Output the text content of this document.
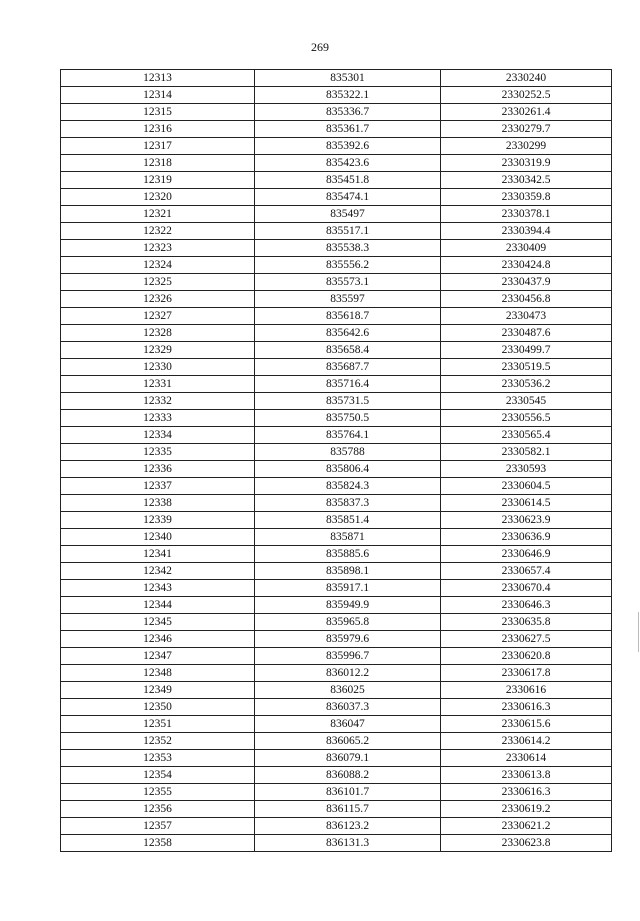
269
12313	835301	2330240
12314	835322.1	2330252.5
12315	835336.7	2330261.4
12316	835361.7	2330279.7
12317	835392.6	2330299
12318	835423.6	2330319.9
12319	835451.8	2330342.5
12320	835474.1	2330359.8
12321	835497	2330378.1
12322	835517.1	2330394.4
12323	835538.3	2330409
12324	835556.2	2330424.8
12325	835573.1	2330437.9
12326	835597	2330456.8
12327	835618.7	2330473
12328	835642.6	2330487.6
12329	835658.4	2330499.7
12330	835687.7	2330519.5
12331	835716.4	2330536.2
12332	835731.5	2330545
12333	835750.5	2330556.5
12334	835764.1	2330565.4
12335	835788	2330582.1
12336	835806.4	2330593
12337	835824.3	2330604.5
12338	835837.3	2330614.5
12339	835851.4	2330623.9
12340	835871	2330636.9
12341	835885.6	2330646.9
12342	835898.1	2330657.4
12343	835917.1	2330670.4
12344	835949.9	2330646.3
12345	835965.8	2330635.8
12346	835979.6	2330627.5
12347	835996.7	2330620.8
12348	836012.2	2330617.8
12349	836025	2330616
12350	836037.3	2330616.3
12351	836047	2330615.6
12352	836065.2	2330614.2
12353	836079.1	2330614
12354	836088.2	2330613.8
12355	836101.7	2330616.3
12356	836115.7	2330619.2
12357	836123.2	2330621.2
12358	836131.3	2330623.8
